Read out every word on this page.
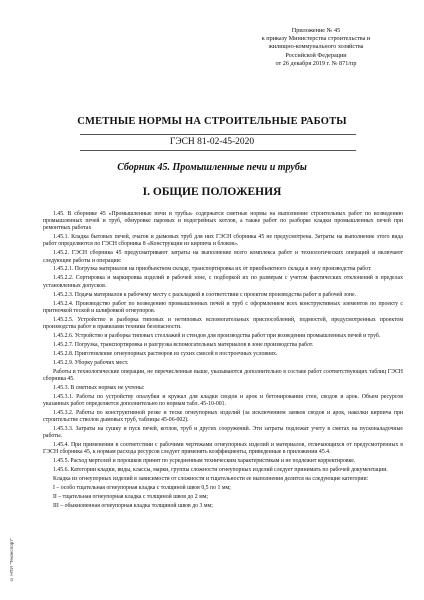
Приложение № 45
к приказу Министерства строительства и
жилищно-коммунального хозяйства
Российской Федерации
от 26 декабря 2019 г. № 871/пр
СМЕТНЫЕ НОРМЫ НА СТРОИТЕЛЬНЫЕ РАБОТЫ
ГЭСН 81-02-45-2020
Сборник 45. Промышленные печи и трубы
I. ОБЩИЕ ПОЛОЖЕНИЯ

1.45. В сборнике 45 «Промышленные печи и трубы» содержатся сметные нормы на выполнение строительных работ по возведению промышленных печей и труб, обмуровке паровых и водогрейных котлов, а также работ по разборке кладки промышленных печей при ремонтных работах

1.45.1. Кладка бытовых печей, очагов и дымовых труб для них ГЭСН сборника 45 не предусмотрена. Затраты на выполнение этого вида работ определяются по ГЭСН сборника 8 «Конструкции из кирпича и блоков».

1.45.2. ГЭСН сборника 45 предусматривают затраты на выполнение всего комплекса работ и технологических операций и включают следующие работы и операции:

1.45.2.1. Погрузка материалов на приобъектном складе, транспортировка их от приобъектного склада в зону производства работ.

1.45.2.2. Сортировка и маркировка изделий в рабочей зоне, с подборкой их по размерам с учетом фактических отклонений в пределах установленных допусков.

1.45.2.3. Подача материалов к рабочему месту с раскладкой в соответствии с проектом производства работ в рабочей зоне.

1.45.2.4. Производство работ по возведению промышленных печей и труб с оформлением всех конструктивных элементов по проекту с притночкой теской и шлифовкой огнеупоров.

1.45.2.5. Устройство и разборка типовых и нетиповых вспомогательных приспособлений, подмостей, предусмотренных проектом производства работ и правилами техники безопасности.

1.45.2.6. Устройство и разборка типовых стеллажей и стендов для производства работ при возведении промышленных печей и труб.

1.45.2.7. Погрузка, транспортировка и разгрузка вспомогательных материалов в зоне производства работ.

1.45.2.8. Приготовление огнеупорных растворов из сухих смесей в построечных условиях.

1.45.2.9. Уборку рабочих мест.

Работы и технологические операции, не перечисленные выше, указываются дополнительно в составе работ соответствующих таблиц ГЭСН сборника 45.

1.45.3. В сметных нормах не учтены:

1.45.3.1. Работы по устройству опалубки и кружал для кладки сводов и арок и бетонирования стен, сводов и арок. Объем ресурсов указанных работ определяется дополнительно по нормам табл. 45-10-001.

1.45.3.2. Работы по конструктивной резке и теске огнеупорных изделий (за исключением замков сводов и арок, наколки кирпича при строительстве стволов дымовых труб, таблицы 45-06-002).

1.45.3.3. Затраты на сушку и пуск печей, котлов, труб и других сооружений. Эти затраты подлежат учету в сметах на пусконаладочные работы.

1.45.4. При применении в соответствии с рабочими чертежами огнеупорных изделий и материалов, отличающихся от предусмотренных в ГЭСН сборника 45, к нормам расхода ресурсов следует применять коэффициенты, приведенные в приложении 45.4.

1.45.5. Расход мертелей и порошков принят по усредненным техническим характеристикам и не подлежит корректировке.

1.45.6. Категории кладки, виды, классы, марки, группы сложности огнеупорных изделий следует принимать по рабочей документации.

Кладка из огнеупорных изделий в зависимости от сложности и тщательности ее выполнения делится на следующие категории:

I – особо тщательная огнеупорная кладка с толщиной швов 0,5 по 1 мм;

II – тщательная огнеупорная кладка с толщиной швов до 2 мм;

III – обыкновенная огнеупорная кладка толщиной швов до 3 мм;

© НТИ "Техэкспорт"
